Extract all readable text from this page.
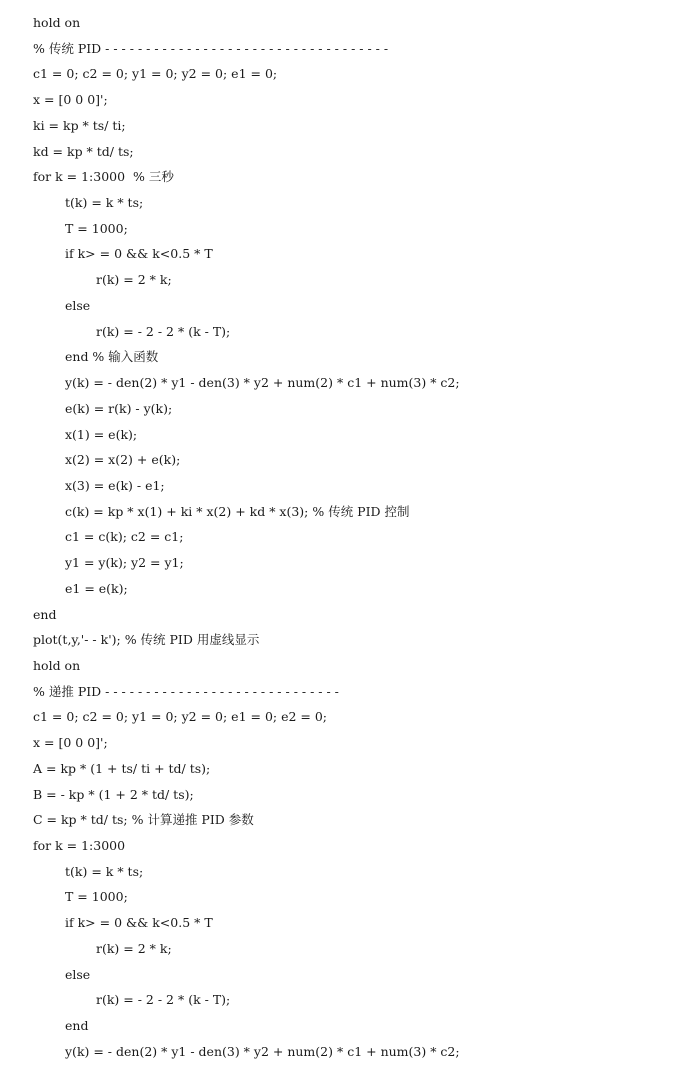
hold on
% 传统 PID - - - - - - - - - - - - - - - - - - - - - - - - - - - - - - - - - - -
c1 = 0; c2 = 0; y1 = 0; y2 = 0; e1 = 0;
x = [0 0 0]';
ki = kp * ts/ ti;
kd = kp * td/ ts;
for k = 1:3000  % 三秒
t(k) = k * ts;
T = 1000;
if k> = 0 && k<0.5 * T
r(k) = 2 * k;
else
r(k) = - 2 - 2 * (k - T);
end % 输入函数
y(k) = - den(2) * y1 - den(3) * y2 + num(2) * c1 + num(3) * c2;
e(k) = r(k) - y(k);
x(1) = e(k);
x(2) = x(2) + e(k);
x(3) = e(k) - e1;
c(k) = kp * x(1) + ki * x(2) + kd * x(3); % 传统 PID 控制
c1 = c(k); c2 = c1;
y1 = y(k); y2 = y1;
e1 = e(k);
end
plot(t,y,'- - k'); % 传统 PID 用虚线显示
hold on
% 递推 PID - - - - - - - - - - - - - - - - - - - - - - - - - - - - -
c1 = 0; c2 = 0; y1 = 0; y2 = 0; e1 = 0; e2 = 0;
x = [0 0 0]';
A = kp * (1 + ts/ ti + td/ ts);
B = - kp * (1 + 2 * td/ ts);
C = kp * td/ ts; % 计算递推 PID 参数
for k = 1:3000
t(k) = k * ts;
T = 1000;
if k> = 0 && k<0.5 * T
r(k) = 2 * k;
else
r(k) = - 2 - 2 * (k - T);
end
y(k) = - den(2) * y1 - den(3) * y2 + num(2) * c1 + num(3) * c2;
